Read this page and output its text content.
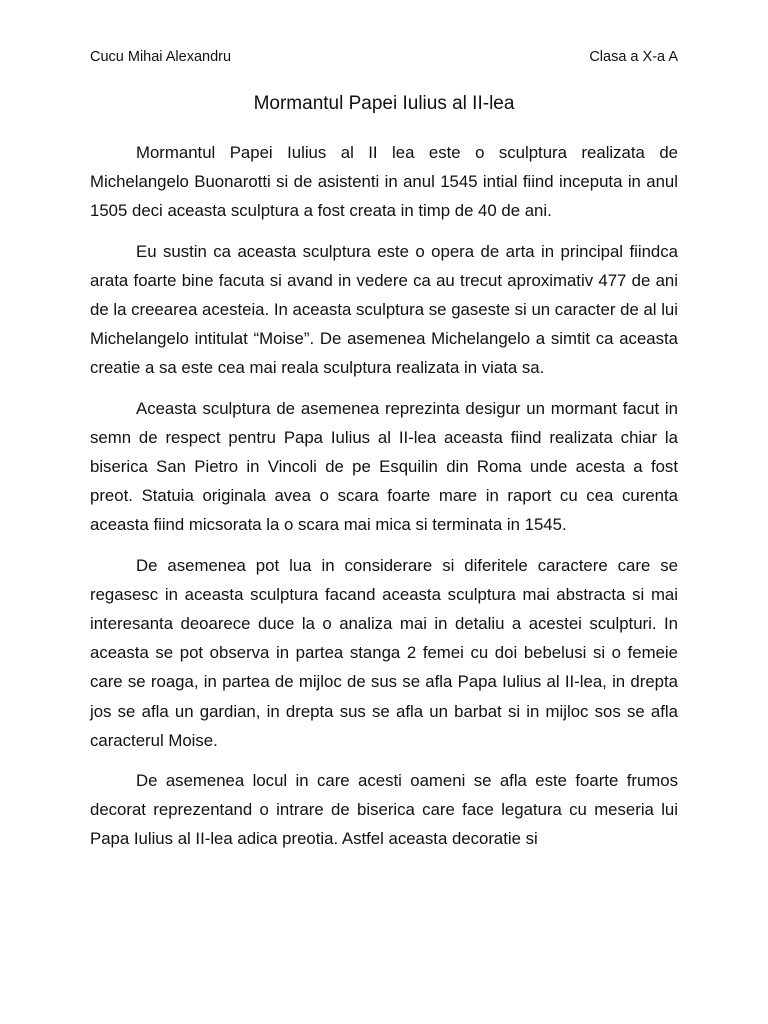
Cucu Mihai Alexandru	Clasa a X-a A
Mormantul Papei Iulius al II-lea

Mormantul Papei Iulius al II lea este o sculptura realizata de Michelangelo Buonarotti si de asistenti in anul 1545 intial fiind inceputa in anul 1505 deci aceasta sculptura a fost creata in timp de 40 de ani.

Eu sustin ca aceasta sculptura este o opera de arta in principal fiindca arata foarte bine facuta si avand in vedere ca au trecut aproximativ 477 de ani de la creearea acesteia. In aceasta sculptura se gaseste si un caracter de al lui Michelangelo intitulat “Moise”. De asemenea Michelangelo a simtit ca aceasta creatie a sa este cea mai reala sculptura realizata in viata sa.

Aceasta sculptura de asemenea reprezinta desigur un mormant facut in semn de respect pentru Papa Iulius al II-lea aceasta fiind realizata chiar la biserica San Pietro in Vincoli de pe Esquilin din Roma unde acesta a fost preot. Statuia originala avea o scara foarte mare in raport cu cea curenta aceasta fiind micsorata la o scara mai mica si terminata in 1545.

De asemenea pot lua in considerare si diferitele caractere care se regasesc in aceasta sculptura facand aceasta sculptura mai abstracta si mai interesanta deoarece duce la o analiza mai in detaliu a acestei sculpturi. In aceasta se pot observa in partea stanga 2 femei cu doi bebelusi si o femeie care se roaga, in partea de mijloc de sus se afla Papa Iulius al II-lea, in drepta jos se afla un gardian, in drepta sus se afla un barbat si in mijloc sos se afla caracterul Moise.

De asemenea locul in care acesti oameni se afla este foarte frumos decorat reprezentand o intrare de biserica care face legatura cu meseria lui Papa Iulius al II-lea adica preotia. Astfel aceasta decoratie si
